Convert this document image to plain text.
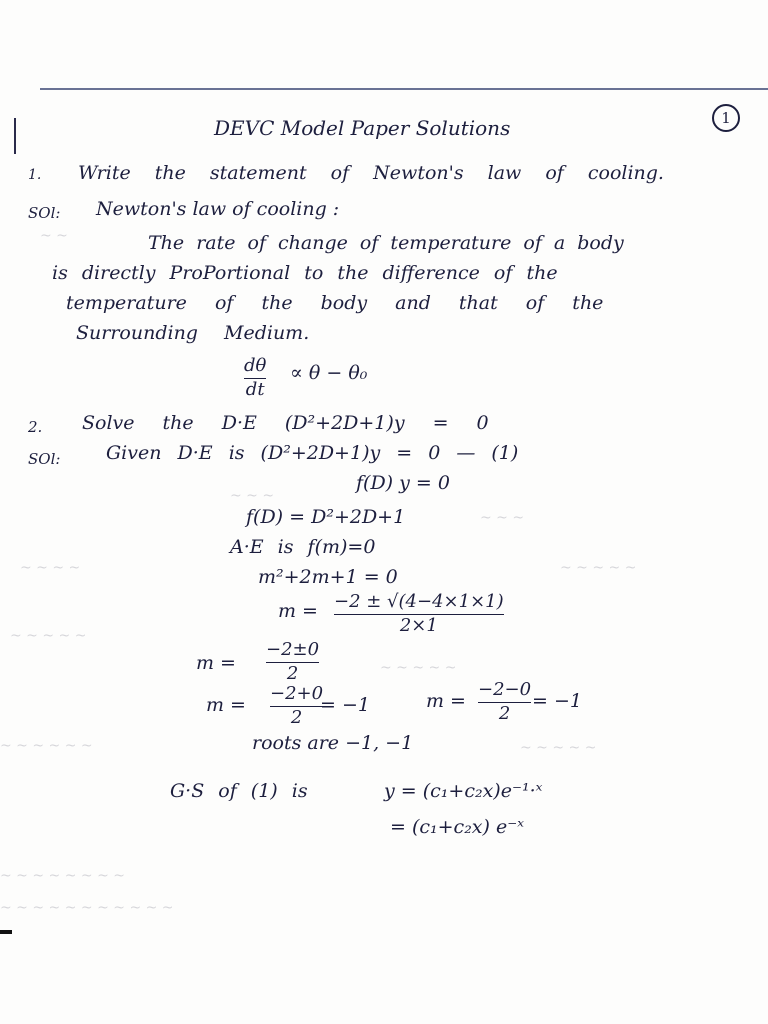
~ ~
~ ~ ~
~ ~ ~
~ ~ ~ ~	~ ~ ~ ~ ~
~ ~ ~ ~ ~
~ ~ ~ ~ ~
~ ~ ~ ~ ~ ~	~ ~ ~ ~ ~
~ ~ ~ ~ ~ ~ ~ ~
~ ~ ~ ~ ~ ~ ~ ~ ~ ~ ~
DEVC Model Paper Solutions	1
1. Write the statement of Newton's law of cooling.
SOl: Newton's law of cooling :
The rate of change of temperature of a body
is directly ProPortional to the difference of the
temperature of the body and that of the
Surrounding Medium.
dθ
dt
∝ θ − θ₀
2. Solve the D·E (D²+2D+1)y = 0
SOl: Given D·E is (D²+2D+1)y = 0 — (1)
f(D) y = 0
f(D) = D²+2D+1
A·E is f(m)=0
m²+2m+1 = 0
m = −2 ± √(4−4×1×1)
2×1
m =
−2±0
2
m =
−2+0
2
= −1	m =
−2−0
2
= −1
roots are −1, −1
G·S of (1) is	y = (c₁+c₂x)e⁻¹·ˣ
= (c₁+c₂x) e⁻ˣ
